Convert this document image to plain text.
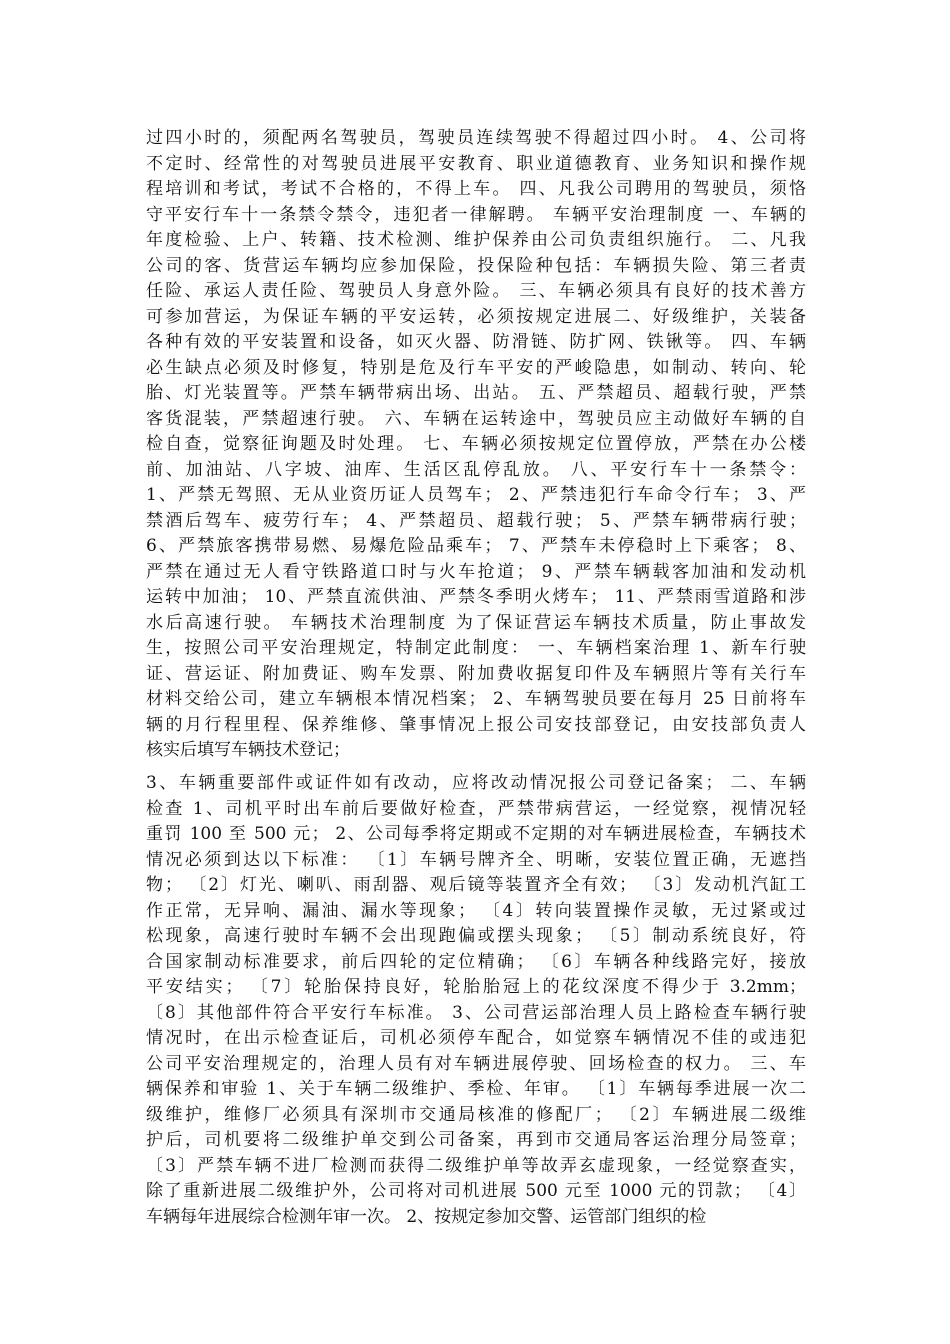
过四小时的，须配两名驾驶员，驾驶员连续驾驶不得超过四小时。 4、公司将
不定时、经常性的对驾驶员进展平安教育、职业道德教育、业务知识和操作规
程培训和考试，考试不合格的，不得上车。 四、凡我公司聘用的驾驶员，须恪
守平安行车十一条禁令禁令，违犯者一律解聘。 车辆平安治理制度 一、车辆的
年度检验、上户、转籍、技术检测、维护保养由公司负责组织施行。 二、凡我
公司的客、货营运车辆均应参加保险，投保险种包括：车辆损失险、第三者责
任险、承运人责任险、驾驶员人身意外险。 三、车辆必须具有良好的技术善方
可参加营运，为保证车辆的平安运转，必须按规定进展二、好级维护，关装备
各种有效的平安装置和设备，如灭火器、防滑链、防扩网、铁锹等。 四、车辆
必生缺点必须及时修复，特别是危及行车平安的严峻隐患，如制动、转向、轮
胎、灯光装置等。严禁车辆带病出场、出站。 五、严禁超员、超载行驶，严禁
客货混装，严禁超速行驶。 六、车辆在运转途中，驾驶员应主动做好车辆的自
检自查，觉察征询题及时处理。 七、车辆必须按规定位置停放，严禁在办公楼
前、加油站、八字坡、油库、生活区乱停乱放。 八、平安行车十一条禁令：
1、严禁无驾照、无从业资历证人员驾车； 2、严禁违犯行车命令行车； 3、严
禁酒后驾车、疲劳行车； 4、严禁超员、超载行驶； 5、严禁车辆带病行驶；
6、严禁旅客携带易燃、易爆危险品乘车； 7、严禁车未停稳时上下乘客； 8、
严禁在通过无人看守铁路道口时与火车抢道； 9、严禁车辆载客加油和发动机
运转中加油； 10、严禁直流供油、严禁冬季明火烤车； 11、严禁雨雪道路和涉
水后高速行驶。 车辆技术治理制度 为了保证营运车辆技术质量，防止事故发
生，按照公司平安治理规定，特制定此制度： 一、车辆档案治理 1、新车行驶
证、营运证、附加费证、购车发票、附加费收据复印件及车辆照片等有关行车
材料交给公司，建立车辆根本情况档案； 2、车辆驾驶员要在每月 25 日前将车
辆的月行程里程、保养维修、肇事情况上报公司安技部登记，由安技部负责人
核实后填写车辆技术登记；
3、车辆重要部件或证件如有改动，应将改动情况报公司登记备案； 二、车辆
检查 1、司机平时出车前后要做好检查，严禁带病营运，一经觉察，视情况轻
重罚 100 至 500 元； 2、公司每季将定期或不定期的对车辆进展检查，车辆技术
情况必须到达以下标准： 〔1〕车辆号牌齐全、明晰，安装位置正确，无遮挡
物； 〔2〕灯光、喇叭、雨刮器、观后镜等装置齐全有效； 〔3〕发动机汽缸工
作正常，无异响、漏油、漏水等现象； 〔4〕转向装置操作灵敏，无过紧或过
松现象，高速行驶时车辆不会出现跑偏或摆头现象； 〔5〕制动系统良好，符
合国家制动标准要求，前后四轮的定位精确； 〔6〕车辆各种线路完好，接放
平安结实； 〔7〕轮胎保持良好，轮胎胎冠上的花纹深度不得少于 3.2mm；
〔8〕其他部件符合平安行车标准。 3、公司营运部治理人员上路检查车辆行驶
情况时，在出示检查证后，司机必须停车配合，如觉察车辆情况不佳的或违犯
公司平安治理规定的，治理人员有对车辆进展停驶、回场检查的权力。 三、车
辆保养和审验 1、关于车辆二级维护、季检、年审。 〔1〕车辆每季进展一次二
级维护，维修厂必须具有深圳市交通局核准的修配厂； 〔2〕车辆进展二级维
护后，司机要将二级维护单交到公司备案，再到市交通局客运治理分局签章；
〔3〕严禁车辆不进厂检测而获得二级维护单等故弄玄虚现象，一经觉察查实，
除了重新进展二级维护外，公司将对司机进展 500 元至 1000 元的罚款； 〔4〕
车辆每年进展综合检测年审一次。 2、按规定参加交警、运管部门组织的检
